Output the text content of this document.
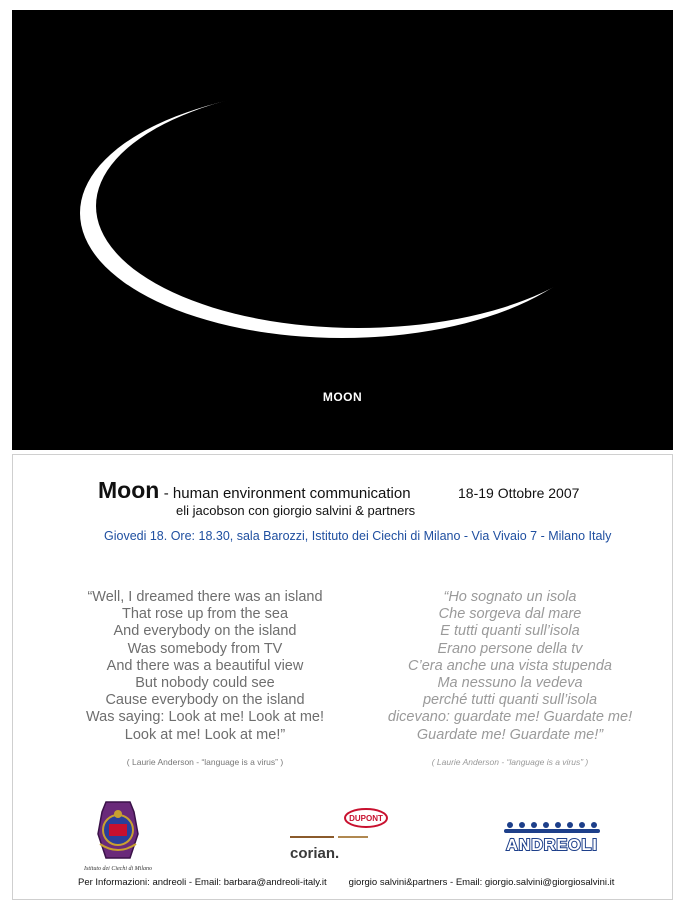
MOON
Moon - human environment communication	18-19 Ottobre 2007
eli jacobson con giorgio salvini & partners
Giovedi 18. Ore: 18.30, sala Barozzi, Istituto dei Ciechi di Milano - Via Vivaio 7 - Milano Italy
“Well, I dreamed there was an island
That rose up from the sea
And everybody on the island
Was somebody from TV
And there was a beautiful view
But nobody could see
Cause everybody on the island
Was saying: Look at me! Look at me!
Look at me! Look at me!”
( Laurie Anderson - “language is a virus” )
“Ho sognato un isola
Che sorgeva dal mare
E tutti quanti sull’isola
Erano persone della tv
C’era anche una vista stupenda
Ma nessuno la vedeva
perché tutti quanti sull’isola
dicevano: guardate me! Guardate me!
Guardate me! Guardate me!”
( Laurie Anderson - “language is a virus” )
Istituto dei Ciechi di Milano
DUPONT
corian.	ANDREOLI
Per Informazioni: andreoli - Email: barbara@andreoli-italy.it giorgio salvini&partners - Email: giorgio.salvini@giorgiosalvini.it
